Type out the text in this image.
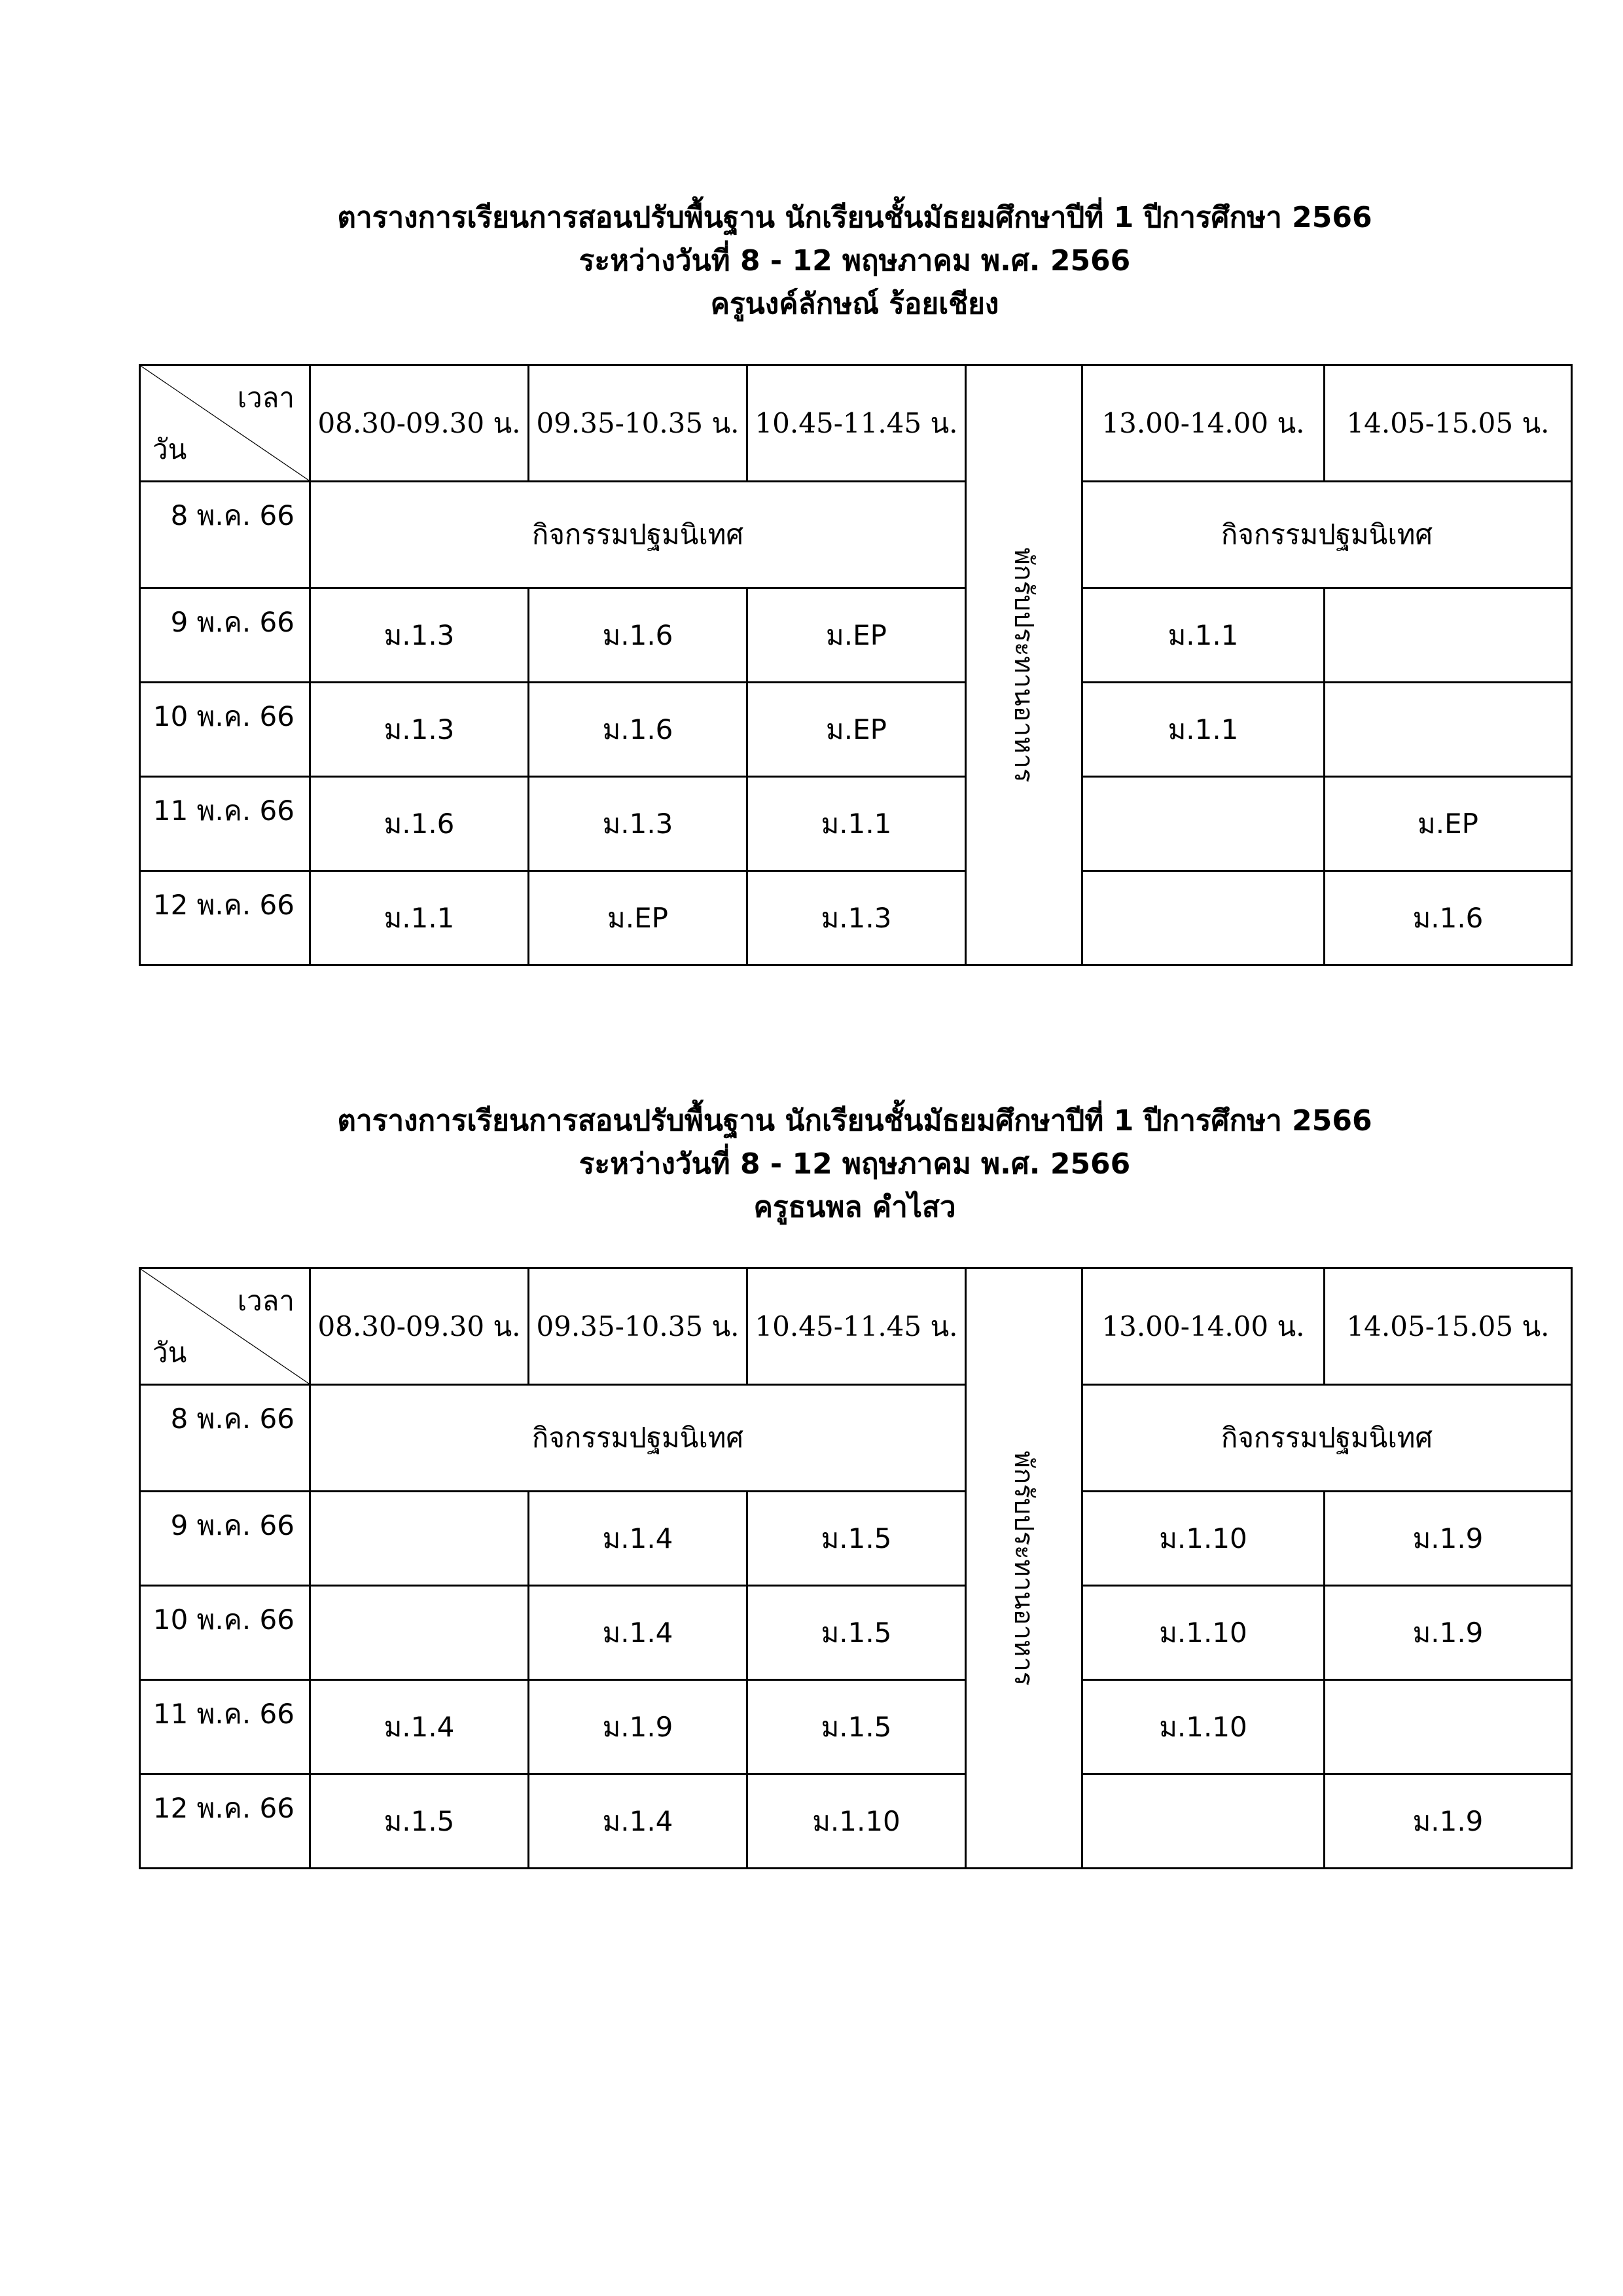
ตารางการเรียนการสอนปรับพื้นฐาน นักเรียนชั้นมัธยมศึกษาปีที่ 1 ปีการศึกษา 2566
ระหว่างวันที่ 8 - 12 พฤษภาคม พ.ศ. 2566
ครูนงค์ลักษณ์ ร้อยเชียง
เวลา
วัน	08.30-09.30 น.	09.35-10.35 น.	10.45-11.45 น.	พักรับประทานอาหาร	13.00-14.00 น.	14.05-15.05 น.
8 พ.ค. 66	กิจกรรมปฐมนิเทศ				กิจกรรมปฐมนิเทศ	
9 พ.ค. 66	ม.1.3	ม.1.6	ม.EP		ม.1.1	
10 พ.ค. 66	ม.1.3	ม.1.6	ม.EP		ม.1.1	
11 พ.ค. 66	ม.1.6	ม.1.3	ม.1.1			ม.EP
12 พ.ค. 66	ม.1.1	ม.EP	ม.1.3			ม.1.6
ตารางการเรียนการสอนปรับพื้นฐาน นักเรียนชั้นมัธยมศึกษาปีที่ 1 ปีการศึกษา 2566
ระหว่างวันที่ 8 - 12 พฤษภาคม พ.ศ. 2566
ครูธนพล คำไสว
เวลา
วัน	08.30-09.30 น.	09.35-10.35 น.	10.45-11.45 น.	พักรับประทานอาหาร	13.00-14.00 น.	14.05-15.05 น.
8 พ.ค. 66	กิจกรรมปฐมนิเทศ				กิจกรรมปฐมนิเทศ	
9 พ.ค. 66		ม.1.4	ม.1.5		ม.1.10	ม.1.9
10 พ.ค. 66		ม.1.4	ม.1.5		ม.1.10	ม.1.9
11 พ.ค. 66	ม.1.4	ม.1.9	ม.1.5		ม.1.10	
12 พ.ค. 66	ม.1.5	ม.1.4	ม.1.10			ม.1.9
